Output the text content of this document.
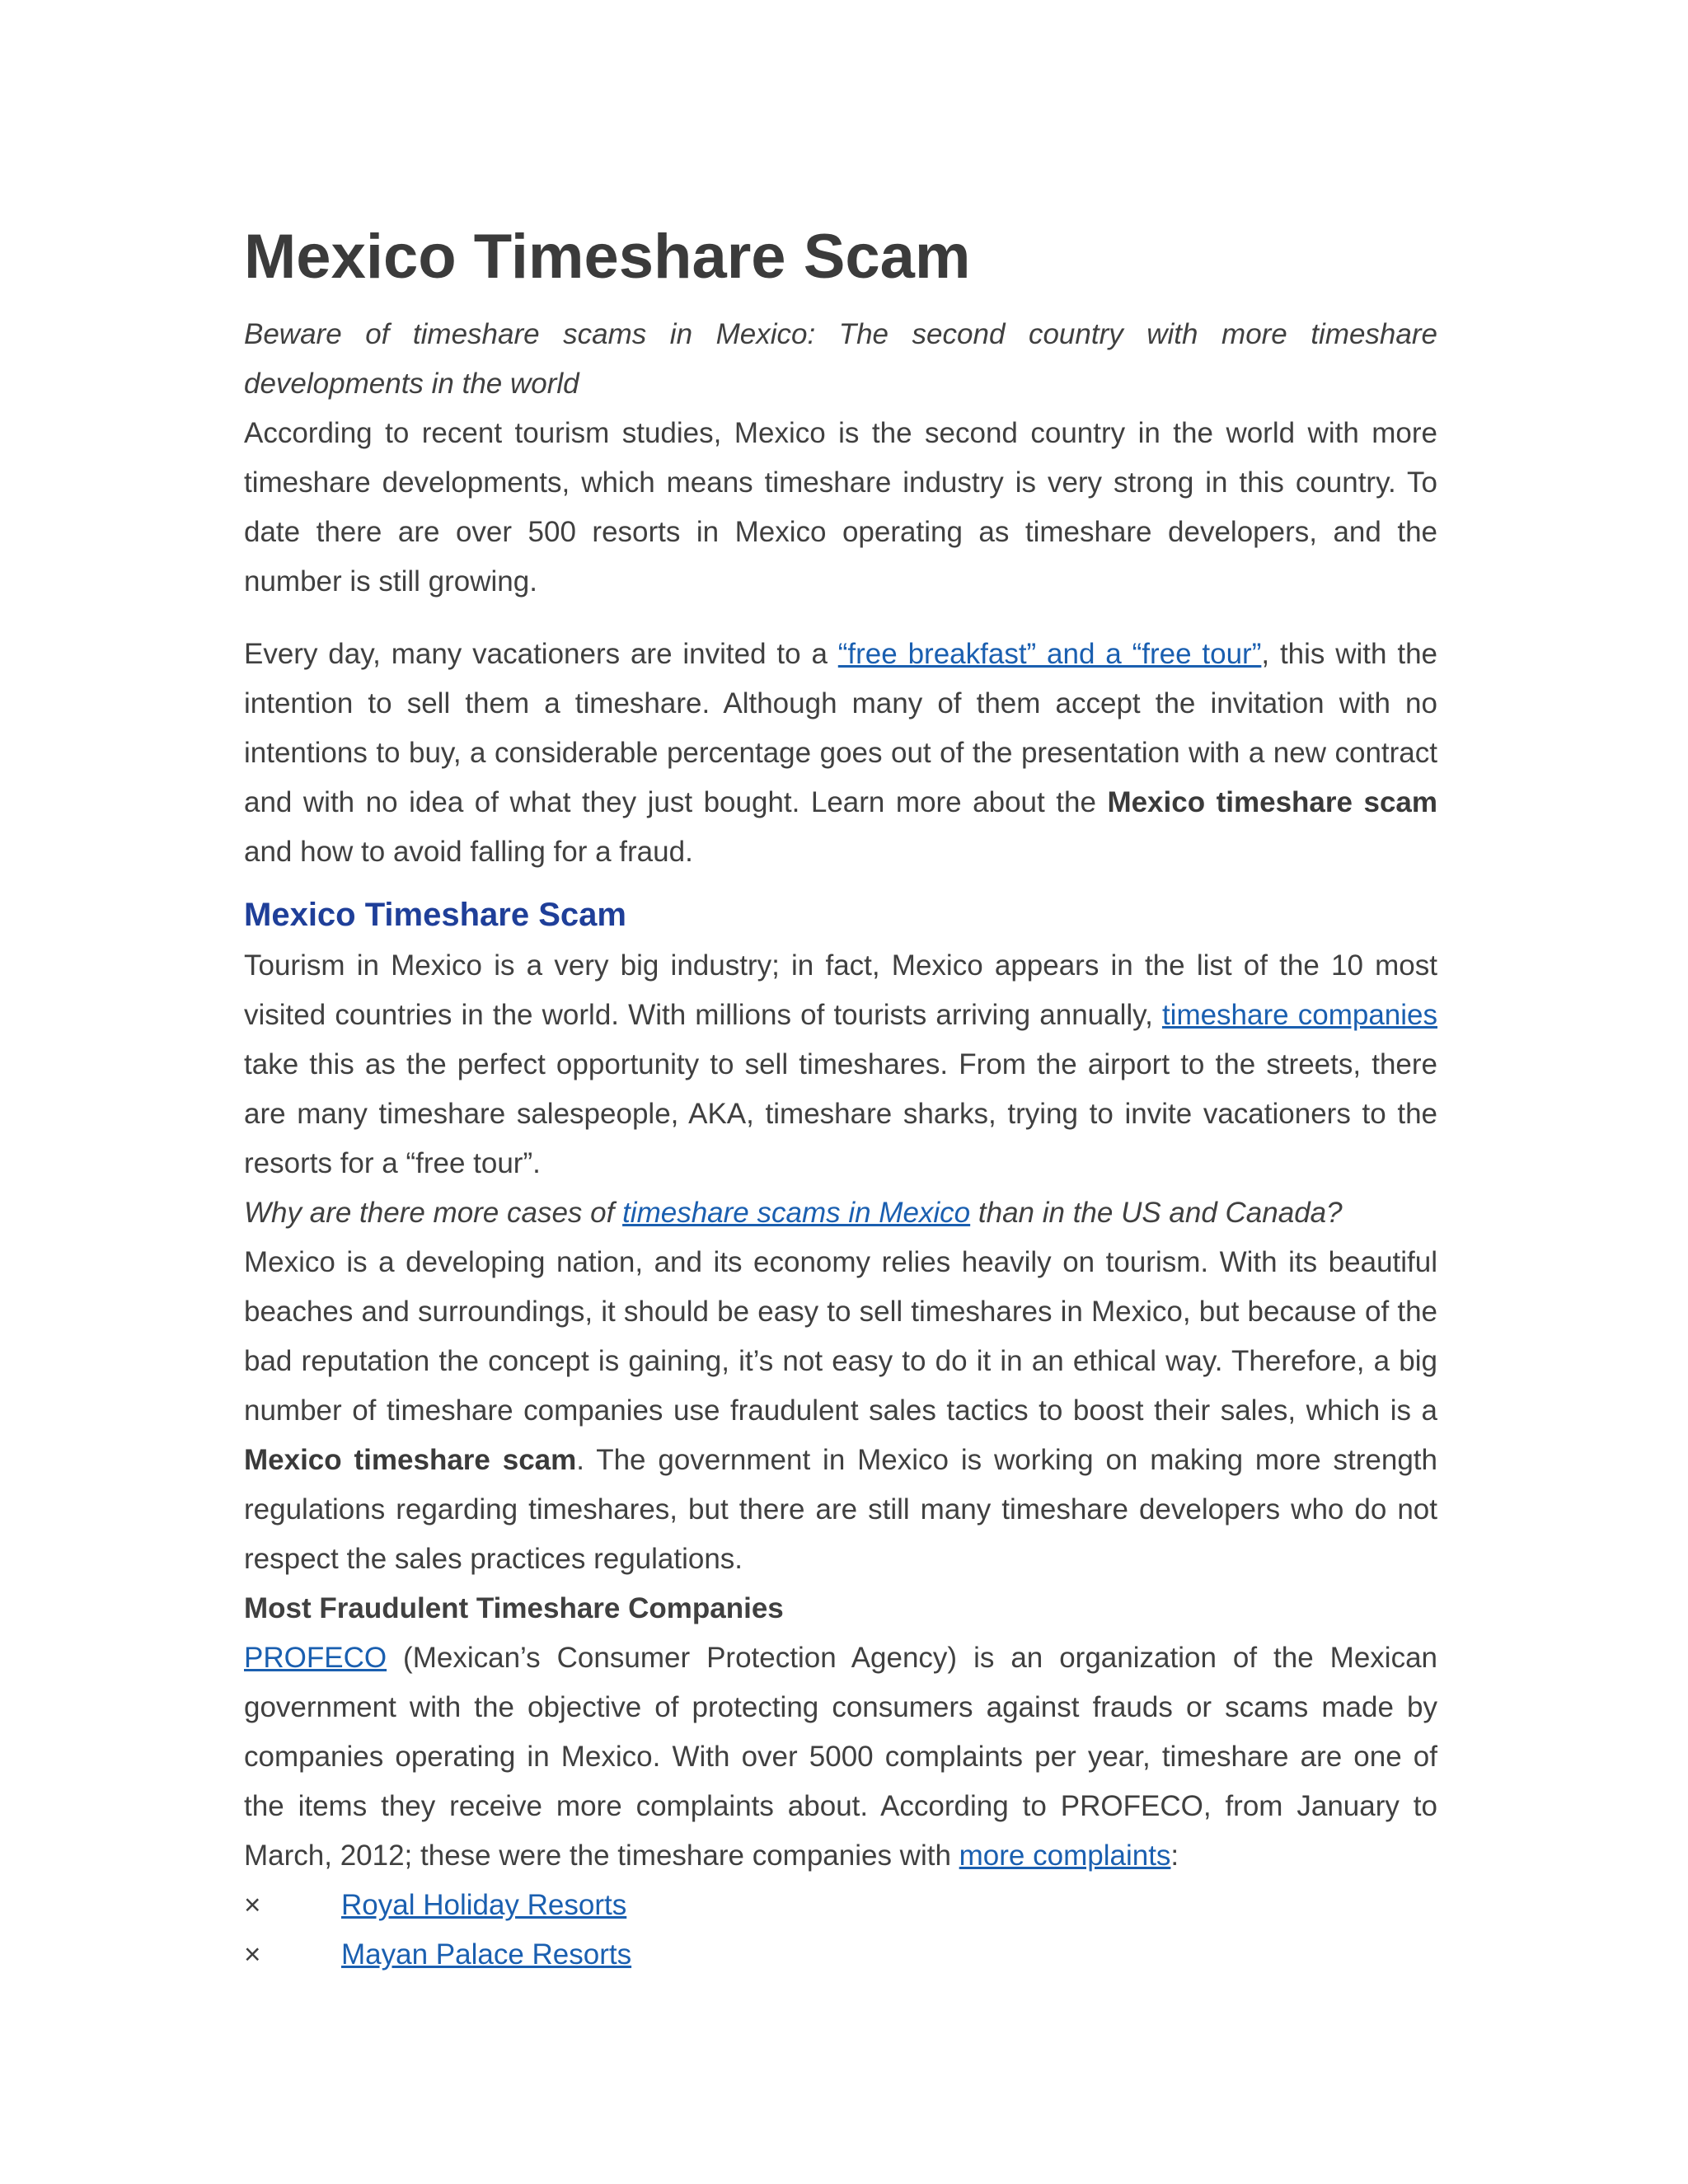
Mexico Timeshare Scam

Beware of timeshare scams in Mexico: The second country with more timeshare developments in the world

According to recent tourism studies, Mexico is the second country in the world with more timeshare developments, which means timeshare industry is very strong in this country. To date there are over 500 resorts in Mexico operating as timeshare developers, and the number is still growing.

Every day, many vacationers are invited to a “free breakfast” and a “free tour”, this with the intention to sell them a timeshare. Although many of them accept the invitation with no intentions to buy, a considerable percentage goes out of the presentation with a new contract and with no idea of what they just bought. Learn more about the Mexico timeshare scam and how to avoid falling for a fraud.

Mexico Timeshare Scam

Tourism in Mexico is a very big industry; in fact, Mexico appears in the list of the 10 most visited countries in the world. With millions of tourists arriving annually, timeshare companies take this as the perfect opportunity to sell timeshares. From the airport to the streets, there are many timeshare salespeople, AKA, timeshare sharks, trying to invite vacationers to the resorts for a “free tour”.

Why are there more cases of timeshare scams in Mexico than in the US and Canada?

Mexico is a developing nation, and its economy relies heavily on tourism. With its beautiful beaches and surroundings, it should be easy to sell timeshares in Mexico, but because of the bad reputation the concept is gaining, it’s not easy to do it in an ethical way. Therefore, a big number of timeshare companies use fraudulent sales tactics to boost their sales, which is a Mexico timeshare scam. The government in Mexico is working on making more strength regulations regarding timeshares, but there are still many timeshare developers who do not respect the sales practices regulations.

Most Fraudulent Timeshare Companies

PROFECO (Mexican’s Consumer Protection Agency) is an organization of the Mexican government with the objective of protecting consumers against frauds or scams made by companies operating in Mexico. With over 5000 complaints per year, timeshare are one of the items they receive more complaints about. According to PROFECO, from January to March, 2012; these were the timeshare companies with more complaints:

×	Royal Holiday Resorts
×	Mayan Palace Resorts
